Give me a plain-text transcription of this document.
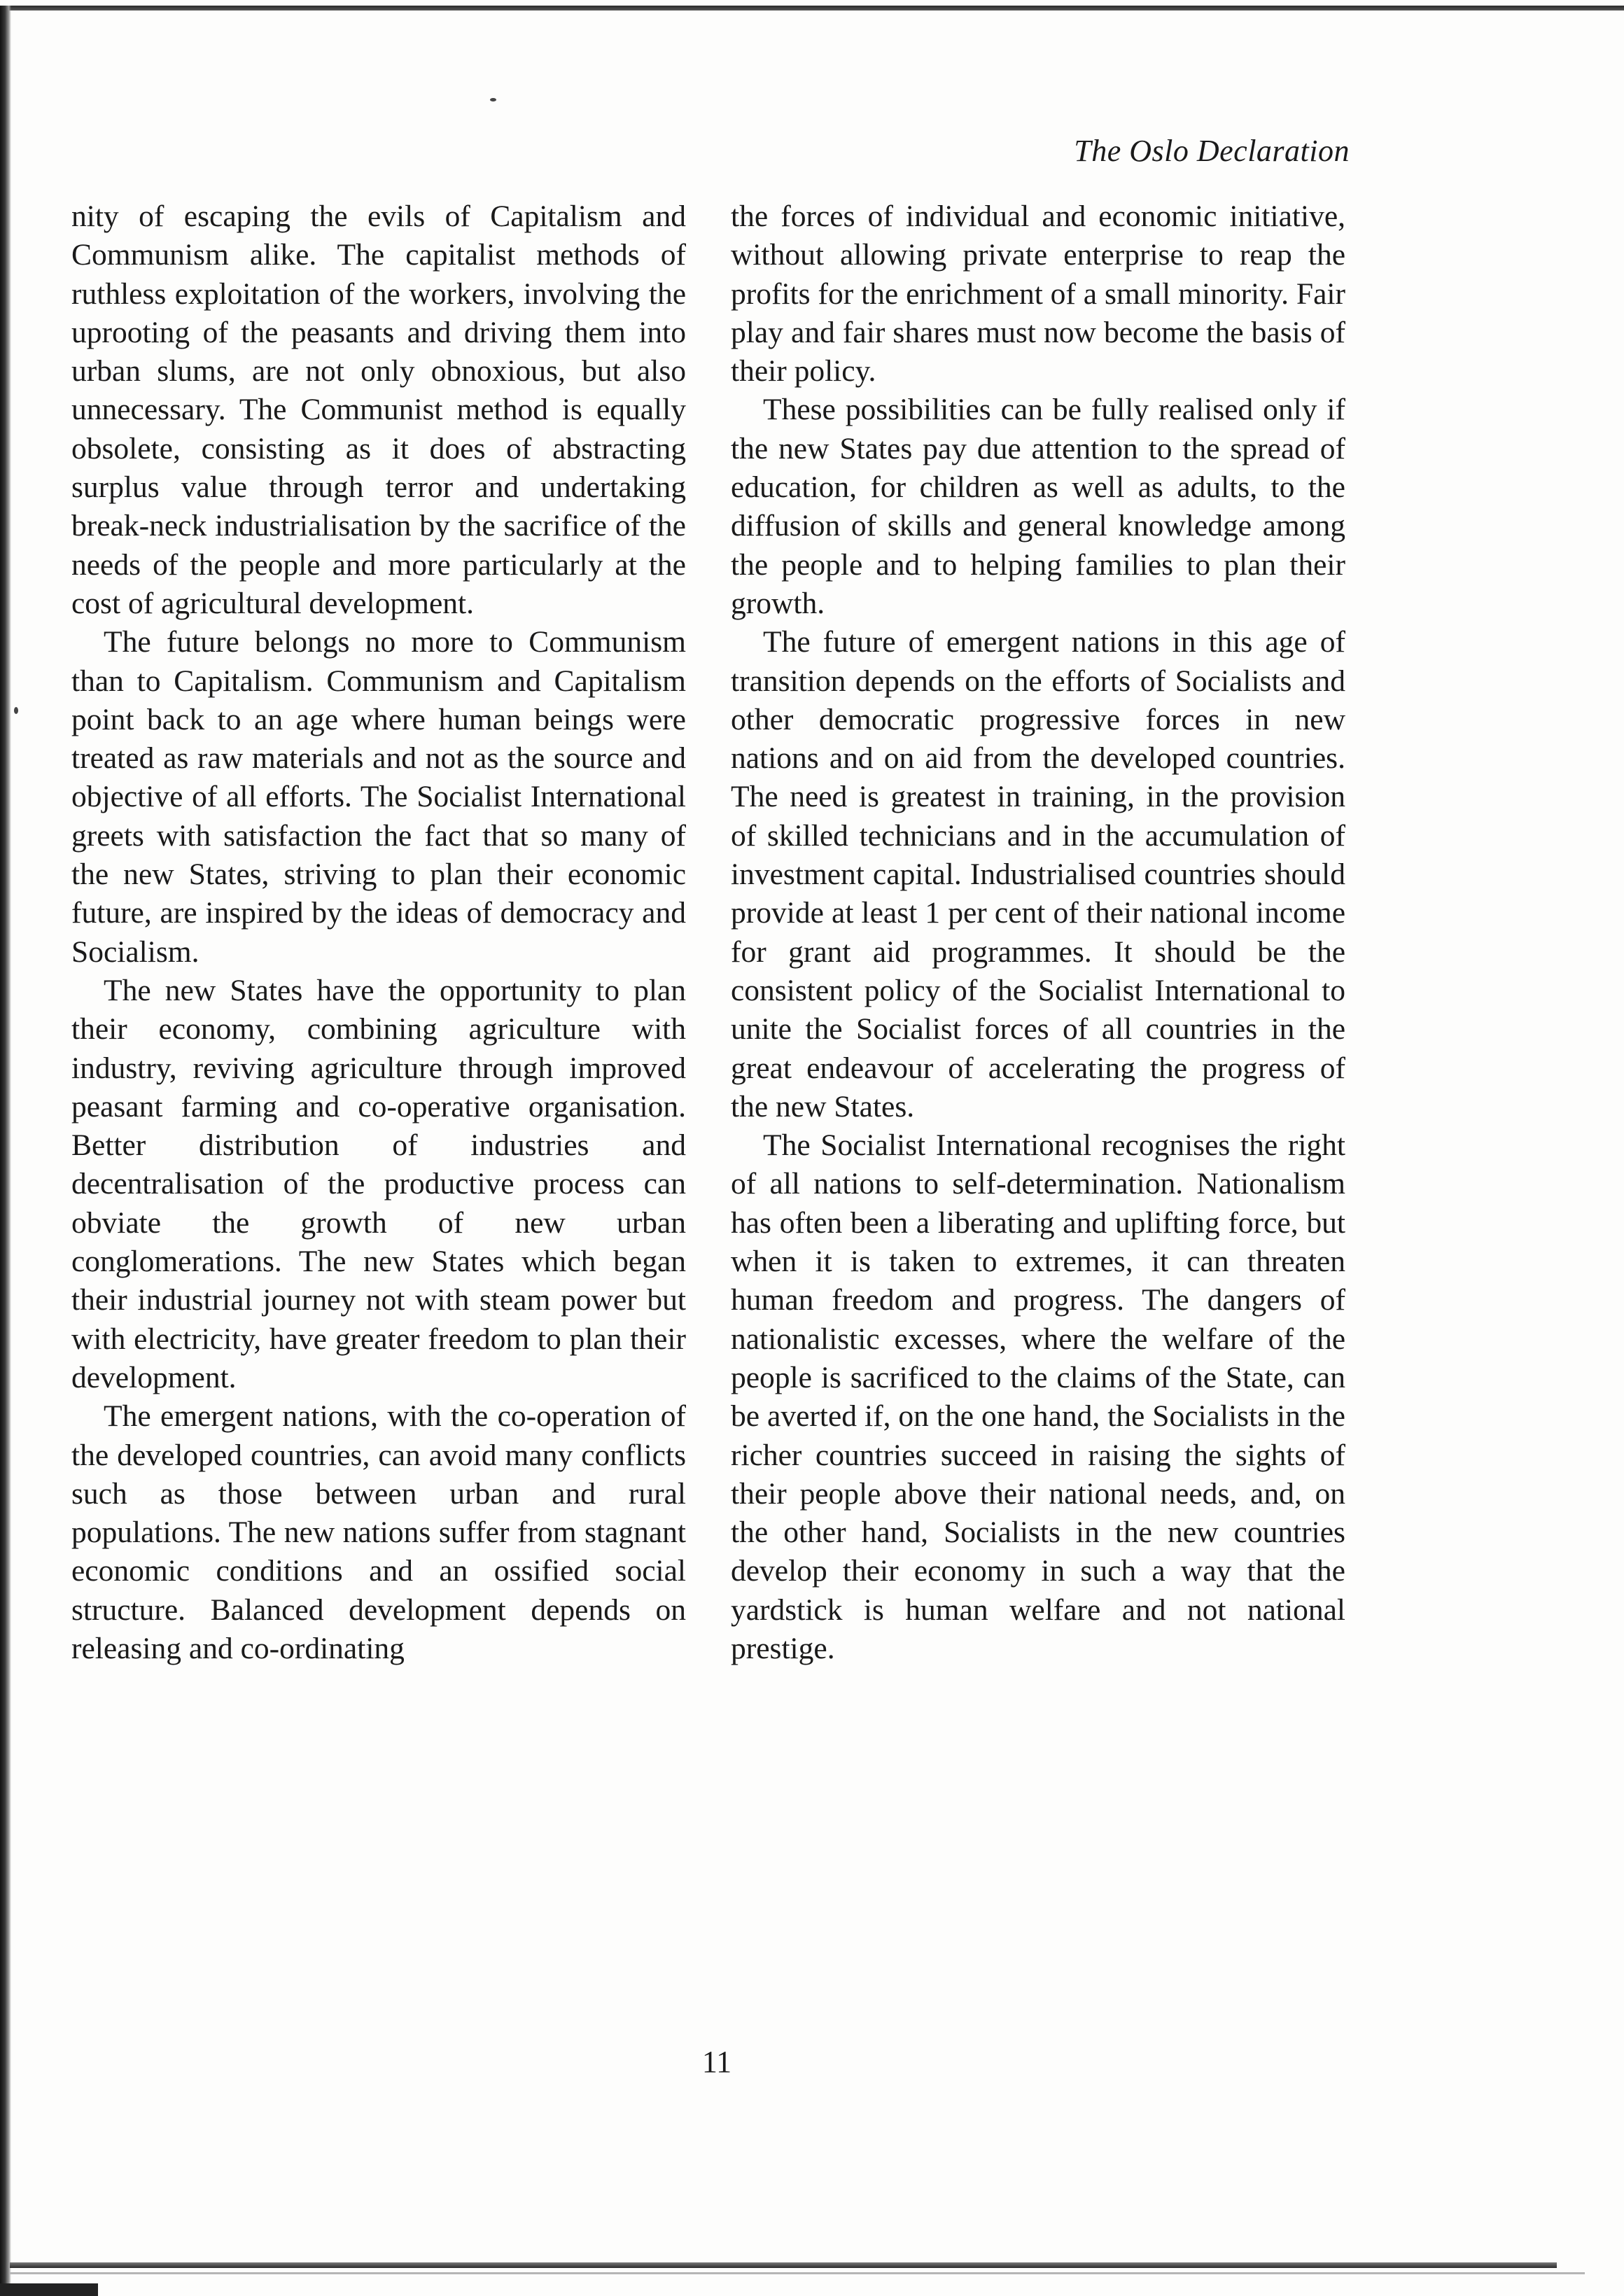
The Oslo Declaration

nity of escaping the evils of Capitalism and Communism alike. The capitalist methods of ruthless exploitation of the workers, involving the uprooting of the peasants and driving them into urban slums, are not only obnoxious, but also unnecessary. The Communist method is equally obsolete, consisting as it does of abstracting surplus value through terror and undertaking break-neck industrialisation by the sacrifice of the needs of the people and more particularly at the cost of agricultural development.

The future belongs no more to Communism than to Capitalism. Communism and Capitalism point back to an age where human beings were treated as raw materials and not as the source and objective of all efforts. The Socialist International greets with satisfaction the fact that so many of the new States, striving to plan their economic future, are inspired by the ideas of democracy and Socialism.

The new States have the opportunity to plan their economy, combining agriculture with industry, reviving agriculture through improved peasant farming and co-operative organisation. Better distribution of industries and decentralisation of the productive process can obviate the growth of new urban conglomerations. The new States which began their industrial journey not with steam power but with electricity, have greater freedom to plan their development.

The emergent nations, with the co-operation of the developed countries, can avoid many conflicts such as those between urban and rural populations. The new nations suffer from stagnant economic conditions and an ossified social structure. Balanced development depends on releasing and co-ordinating

the forces of individual and economic initiative, without allowing private enterprise to reap the profits for the enrichment of a small minority. Fair play and fair shares must now become the basis of their policy.

These possibilities can be fully realised only if the new States pay due attention to the spread of education, for children as well as adults, to the diffusion of skills and general knowledge among the people and to helping families to plan their growth.

The future of emergent nations in this age of transition depends on the efforts of Socialists and other democratic progressive forces in new nations and on aid from the developed countries. The need is greatest in training, in the provision of skilled technicians and in the accumulation of investment capital. Industrialised countries should provide at least 1 per cent of their national income for grant aid programmes. It should be the consistent policy of the Socialist International to unite the Socialist forces of all countries in the great endeavour of accelerating the progress of the new States.

The Socialist International recognises the right of all nations to self-determination. Nationalism has often been a liberating and uplifting force, but when it is taken to extremes, it can threaten human freedom and progress. The dangers of nationalistic excesses, where the welfare of the people is sacrificed to the claims of the State, can be averted if, on the one hand, the Socialists in the richer countries succeed in raising the sights of their people above their national needs, and, on the other hand, Socialists in the new countries develop their economy in such a way that the yardstick is human welfare and not national prestige.

11
